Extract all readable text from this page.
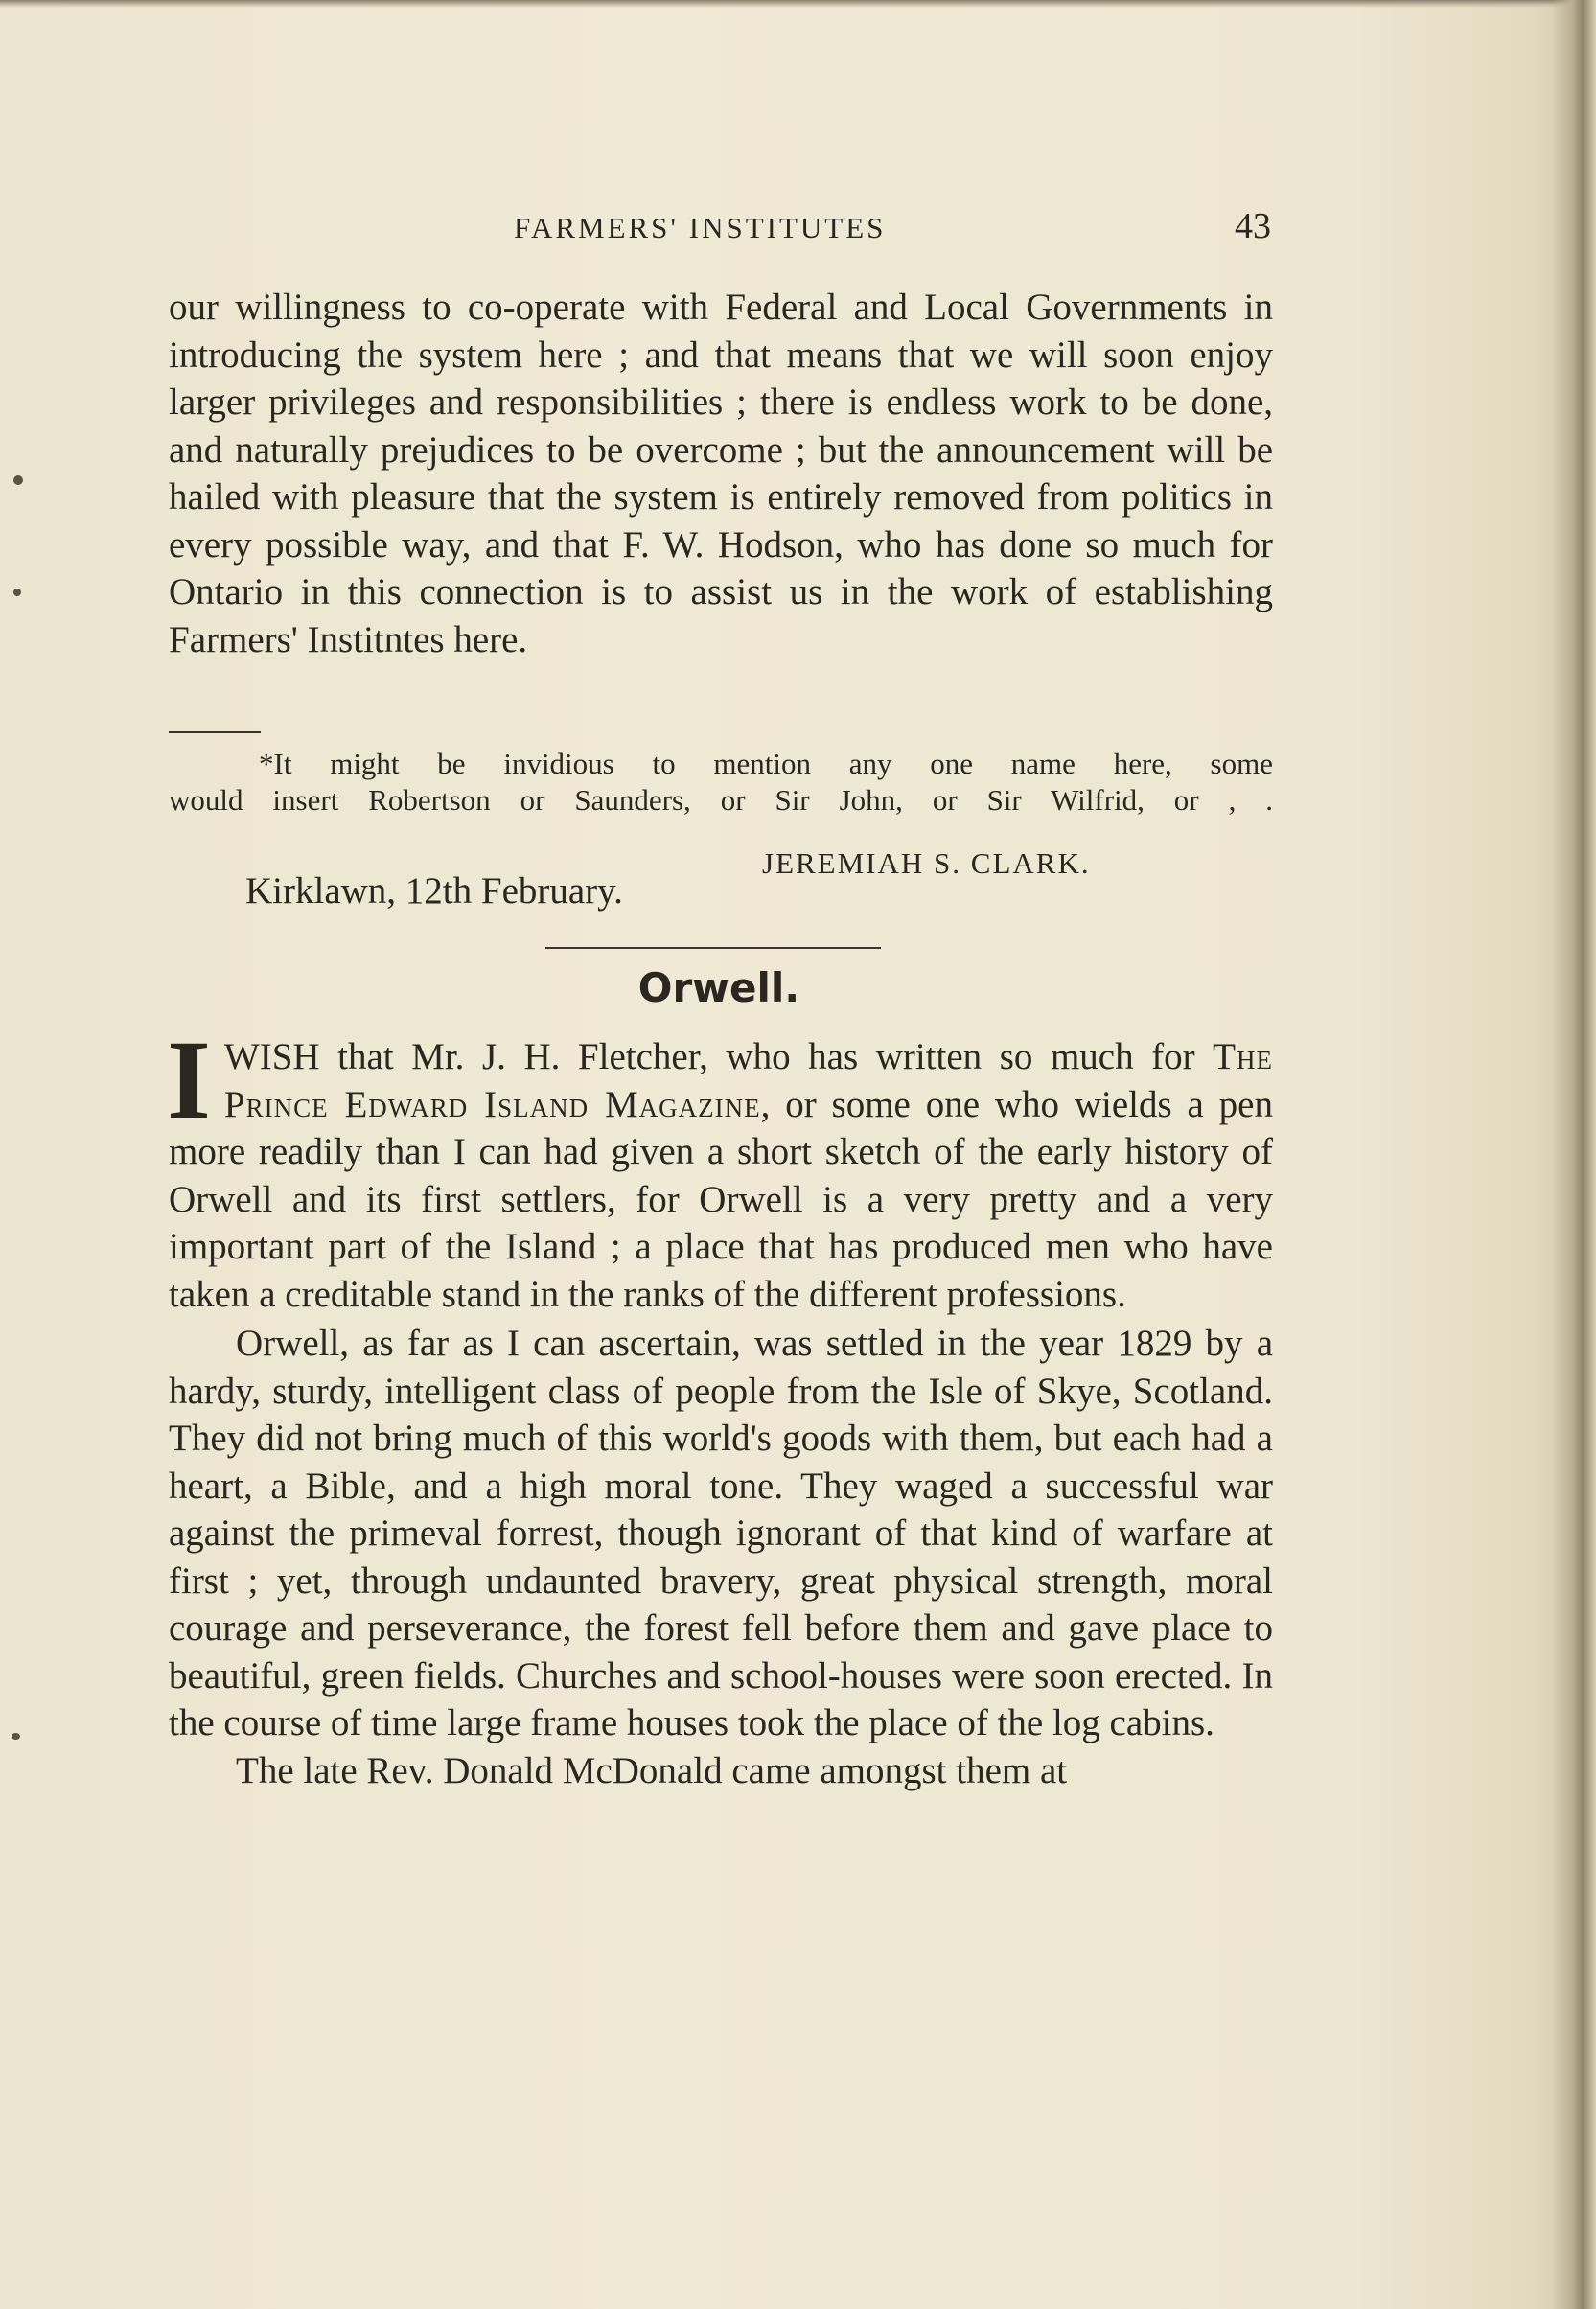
FARMERS' INSTITUTES	43

our willingness to co-operate with Federal and Local Governments in introducing the system here ; and that means that we will soon enjoy larger privileges and responsibilities ; there is endless work to be done, and naturally prejudices to be overcome ; but the announcement will be hailed with pleasure that the system is entirely removed from politics in every possible way, and that F. W. Hodson, who has done so much for Ontario in this connection is to assist us in the work of establishing Farmers' Institntes here.

*It might be invidious to mention any one name here, some

would insert Robertson or Saunders, or Sir John, or Sir Wilfrid, or , .

JEREMIAH S. CLARK.
Kirklawn, 12th February.
Orwell.

I WISH that Mr. J. H. Fletcher, who has written so much for The Prince Edward Island Magazine, or some one who wields a pen more readily than I can had given a short sketch of the early history of Orwell and its first settlers, for Orwell is a very pretty and a very important part of the Island ; a place that has produced men who have taken a creditable stand in the ranks of the different professions.

Orwell, as far as I can ascertain, was settled in the year 1829 by a hardy, sturdy, intelligent class of people from the Isle of Skye, Scotland. They did not bring much of this world's goods with them, but each had a heart, a Bible, and a high moral tone. They waged a successful war against the primeval forrest, though ignorant of that kind of warfare at first ; yet, through undaunted bravery, great physical strength, moral courage and perseverance, the forest fell before them and gave place to beautiful, green fields. Churches and school-houses were soon erected. In the course of time large frame houses took the place of the log cabins.

The late Rev. Donald McDonald came amongst them at
